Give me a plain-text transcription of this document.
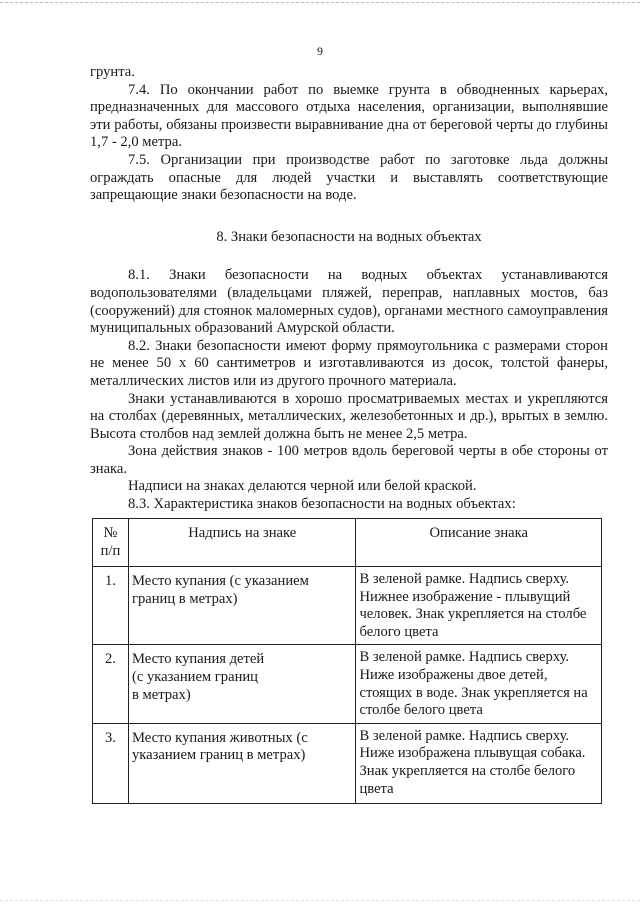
9

грунта.

7.4. По окончании работ по выемке грунта в обводненных карьерах, предназначенных для массового отдыха населения, организации, выполнявшие эти работы, обязаны произвести выравнивание дна от береговой черты до глубины 1,7 - 2,0 метра.

7.5. Организации при производстве работ по заготовке льда должны ограждать опасные для людей участки и выставлять соответствующие запрещающие знаки безопасности на воде.

8. Знаки безопасности на водных объектах

8.1. Знаки безопасности на водных объектах устанавливаются водопользователями (владельцами пляжей, переправ, наплавных мостов, баз (сооружений) для стоянок маломерных судов), органами местного самоуправления муниципальных образований Амурской области.

8.2. Знаки безопасности имеют форму прямоугольника с размерами сторон не менее 50 х 60 сантиметров и изготавливаются из досок, толстой фанеры, металлических листов или из другого прочного материала.

Знаки устанавливаются в хорошо просматриваемых местах и укрепляются на столбах (деревянных, металлических, железобетонных и др.), врытых в землю. Высота столбов над землей должна быть не менее 2,5 метра.

Зона действия знаков - 100 метров вдоль береговой черты в обе стороны от знака.

Надписи на знаках делаются черной или белой краской.

8.3. Характеристика знаков безопасности на водных объектах:

№
п/п	Надпись на знаке	Описание знака
1.	Место купания (с указанием границ в метрах)	В зеленой рамке. Надпись сверху. Нижнее изображение - плывущий человек. Знак укрепляется на столбе белого цвета
2.	Место купания детей
(с указанием границ
в метрах)	В зеленой рамке. Надпись сверху. Ниже изображены двое детей, стоящих в воде. Знак укрепляется на столбе белого цвета
3.	Место купания животных (с указанием границ в метрах)	В зеленой рамке. Надпись сверху. Ниже изображена плывущая собака. Знак укрепляется на столбе белого цвета
